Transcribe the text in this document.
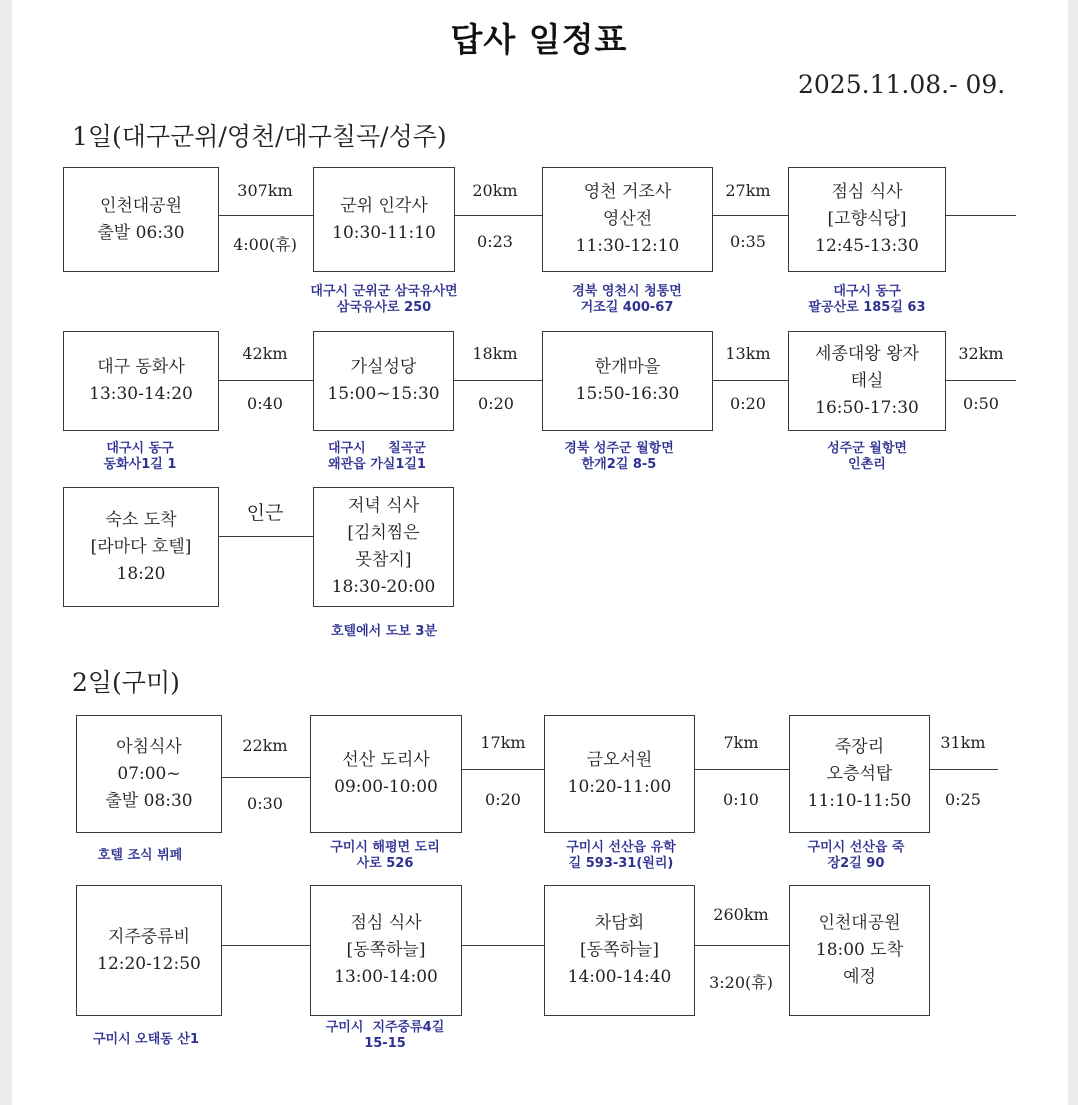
답사 일정표
2025.11.08.- 09.
1일(대구군위/영천/대구칠곡/성주)
2일(구미)
인천대공원
출발 06:30
군위 인각사
10:30-11:10
대구시 군위군 삼국유사면
삼국유사로 250
영천 거조사
영산전
11:30-12:10
경북 영천시 청통면
거조길 400-67
점심 식사
[고향식당]
12:45-13:30
대구시 동구
팔공산로 185길 63
대구 동화사
13:30-14:20
대구시 동구
동화사1길 1
가실성당
15:00~15:30
대구시     칠곡군
왜관읍 가실1길1
한개마을
15:50-16:30
경북 성주군 월항면
한개2길 8-5
세종대왕 왕자
태실
16:50-17:30
성주군 월항면
인촌리
숙소 도착
[라마다 호텔]
18:20
저녁 식사
[김치찜은
못참지]
18:30-20:00
호텔에서 도보 3분
307km
4:00(휴)
20km
0:23
27km
0:35
42km
0:40
18km
0:20
13km
0:20
32km
0:50
인근
아침식사
07:00~
출발 08:30
호텔 조식 뷔페
선산 도리사
09:00-10:00
구미시 해평면 도리
사로 526
금오서원
10:20-11:00
구미시 선산읍 유학
길 593-31(원리)
죽장리
오층석탑
11:10-11:50
구미시 선산읍 죽
장2길 90
지주중류비
12:20-12:50
구미시 오태동 산1
점심 식사
[동쪽하늘]
13:00-14:00
구미시  지주중류4길
15-15
차담회
[동쪽하늘]
14:00-14:40
인천대공원
18:00 도착
예정
22km
0:30
17km
0:20
7km
0:10
31km
0:25
260km
3:20(휴)
